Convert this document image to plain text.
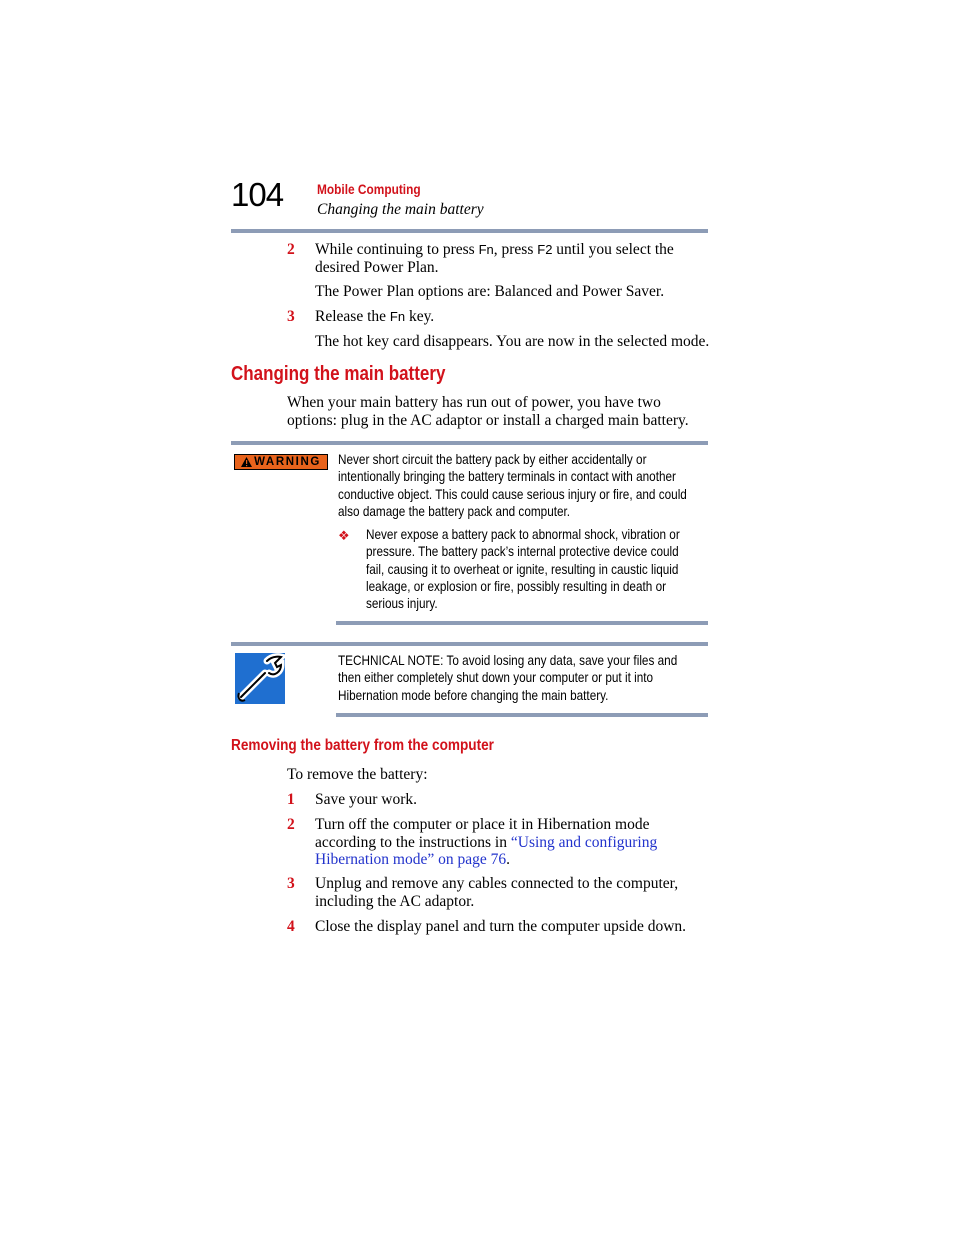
104	Mobile Computing
Changing the main battery
2 While continuing to press Fn, press F2 until you select the
desired Power Plan.
The Power Plan options are: Balanced and Power Saver.
3 Release the Fn key.
The hot key card disappears. You are now in the selected mode.
Changing the main battery
When your main battery has run out of power, you have two
options: plug in the AC adaptor or install a charged main battery.
WARNING Never short circuit the battery pack by either accidentally or
intentionally bringing the battery terminals in contact with another
conductive object. This could cause serious injury or fire, and could
also damage the battery pack and computer.
❖ Never expose a battery pack to abnormal shock, vibration or
pressure. The battery pack’s internal protective device could
fail, causing it to overheat or ignite, resulting in caustic liquid
leakage, or explosion or fire, possibly resulting in death or
serious injury.
TECHNICAL NOTE: To avoid losing any data, save your files and
then either completely shut down your computer or put it into
Hibernation mode before changing the main battery.
Removing the battery from the computer
To remove the battery:
1 Save your work.
2 Turn off the computer or place it in Hibernation mode
according to the instructions in “Using and configuring
Hibernation mode” on page 76.
3 Unplug and remove any cables connected to the computer,
including the AC adaptor.
4 Close the display panel and turn the computer upside down.
